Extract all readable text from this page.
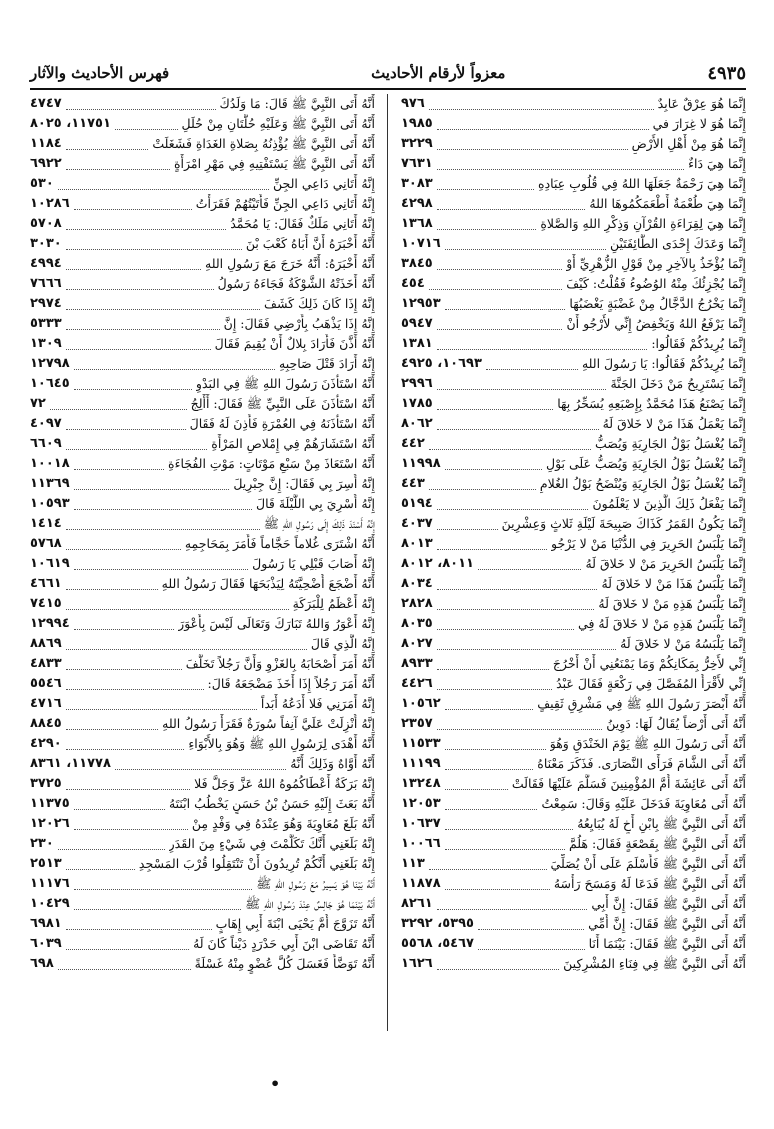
فهرس الأحاديث والآثار	معزواً لأرقام الأحاديث	٤٩٣٥
إِنَّمَا هُوَ عِرْقٌ عَابِدٌ
٩٧٦
إِنَّمَا هُوَ لا غِرَارَ في
١٩٨٥
إِنَّمَا هُوَ مِنْ أَهْلِ الأَرْضِ
٣٢٢٩
إِنَّمَا هِيَ دَاءٌ
٧٦٣١
إِنَّمَا هِيَ رَحْمَةٌ جَعَلَهَا اللهُ فِي قُلُوبِ عِبَادِهِ
٣٠٨٣
إِنَّمَا هِيَ طُعْمَةٌ أَطْعَمَكُمُوهَا اللهُ
٤٢٩٨
إِنَّمَا هِيَ لِقِرَاءَةِ القُرْآنِ وَذِكْرِ اللهِ وَالصَّلاةِ
١٣٦٨
إِنَّمَا وَعَدَكَ إِحْدَى الطَّائِفَتَيْنِ
١٠٧١٦
إِنَّمَا يُؤْخَذُ بِالآخِرِ مِنْ قَوْلِ الزُّهْرِيِّ أَوْ
٣٨٤٥
إِنَّمَا يُجْزِئُكَ مِنْهُ الوُضُوءُ فَقُلْتُ: كَيْفَ
٤٥٤
إِنَّمَا يَخْرُجُ الدَّجَّالُ مِنْ غَضْبَةٍ يَغْضَبُهَا
١٢٩٥٣
إِنَّمَا يَرْفَعُ اللهُ وَيَخْفِضُ إِنِّي لأَرْجُو أَنْ
٥٩٤٧
إِنَّمَا يُرِيدُكُمْ فَقَالُوا:
١٣٨١
إِنَّمَا يُرِيدُكُمْ فَقَالُوا: يَا رَسُولَ اللهِ
١٠٦٩٣، ٤٩٢٥
إِنَّمَا يَسْتَرِيحُ مَنْ دَخَلَ الجَنَّةَ
٢٩٩٦
إِنَّمَا يَصْنَعُ هَذَا مُحَمَّدٌ بِإِصْبَعِهِ يُسَحِّرُ بِهَا
١٧٨٥
إِنَّمَا يَعْمَلُ هَذَا مَنْ لا خَلاقَ لَهُ
٨٠٦٢
إِنَّمَا يُغْسَلُ بَوْلُ الجَارِيَةِ وَيُصَبُّ
٤٤٢
إِنَّمَا يُغْسَلُ بَوْلُ الجَارِيَةِ وَيُصَبُّ عَلَى بَوْلِ
١١٩٩٨
إِنَّمَا يُغْسَلُ بَوْلُ الجَارِيَةِ وَيُنْضَحُ بَوْلُ الغُلامِ
٤٤٣
إِنَّمَا يَفْعَلُ ذَلِكَ الَّذِينَ لا يَعْلَمُونَ
٥١٩٤
إِنَّمَا يَكُونُ القَمَرُ كَذَاكَ صَبِيحَةَ لَيْلَةِ ثَلاثٍ وَعِشْرِينَ
٤٠٣٧
إِنَّمَا يَلْبَسُ الحَرِيرَ فِي الدُّنْيَا مَنْ لا يَرْجُو
٨٠١٣
إِنَّمَا يَلْبَسُ الحَرِيرَ مَنْ لا خَلاقَ لَهُ
٨٠١١، ٨٠١٢
إِنَّمَا يَلْبَسُ هَذَا مَنْ لا خَلاقَ لَهُ
٨٠٣٤
إِنَّمَا يَلْبَسُ هَذِهِ مَنْ لا خَلاقَ لَهُ
٢٨٢٨
إِنَّمَا يَلْبَسُ هَذِهِ مَنْ لا خَلاقَ لَهُ فِي
٨٠٣٥
إِنَّمَا يَلْبَسُهُ مَنْ لا خَلاقَ لَهُ
٨٠٢٧
إِنِّي لأَخِرُّ بِمَكَانِكُمْ وَمَا يَمْنَعُنِي أَنْ أَخْرُجَ
٨٩٣٣
إِنِّي لأَقْرَأُ المُفَصَّلَ فِي رَكْعَةٍ فَقَالَ عَبْدُ
٤٤٢٦
أَنَّهُ أَبْصَرَ رَسُولَ اللهِ ﷺ فِي مَشْرِقِ ثَقِيفٍ
١٠٥٦٢
أَنَّهُ أَتَى أَرْضاً يُقَالُ لَهَا: دَوِينُ
٢٣٥٧
أَنَّهُ أَتَى رَسُولَ اللهِ ﷺ يَوْمَ الخَنْدَقِ وَهُوَ
١١٥٣٣
أَنَّهُ أَتَى الشَّامَ فَرَأَى النَّصَارَى. فَذَكَرَ مَعْنَاهُ
١١١٩٩
أَنَّهُ أَتَى عَائِشَةَ أُمَّ المُؤْمِنِينَ فَسَلَّمَ عَلَيْهَا فَقَالَتْ
١٣٢٤٨
أَنَّهُ أَتَى مُعَاوِيَةَ فَدَخَلَ عَلَيْهِ وَقَالَ: سَمِعْتُ
١٢٠٥٣
أَنَّهُ أَتَى النَّبِيَّ ﷺ بِابْنِ أَخٍ لَهُ يُبَايِعُهُ
١٠٦٣٧
أَنَّهُ أَتَى النَّبِيَّ ﷺ بِقَصْعَةٍ فَقَالَ: هَلُمَّ
١٠٠٦٦
أَنَّهُ أَتَى النَّبِيَّ ﷺ فَأَسْلَمَ عَلَى أَنْ يُصَلِّيَ
١١٣
أَنَّهُ أَتَى النَّبِيَّ ﷺ فَدَعَا لَهُ وَمَسَحَ رَأْسَهُ
١١٨٧٨
أَنَّهُ أَتَى النَّبِيَّ ﷺ فَقَالَ: إِنَّ أَبِي
٨٢٦١
أَنَّهُ أَتَى النَّبِيَّ ﷺ فَقَالَ: إِنَّ أُمِّي
٥٣٩٥، ٣٢٩٢
أَنَّهُ أَتَى النَّبِيَّ ﷺ فَقَالَ: بَيْنَمَا أَنَا
٥٤٦٧، ٥٥٦٨
أَنَّهُ أَتَى النَّبِيَّ ﷺ فِي فِنَاءِ المُشْرِكِينَ
١٦٢٦
أَنَّهُ أَتَى النَّبِيَّ ﷺ قَالَ: مَا وَلَدُكَ
٤٧٤٧
أَنَّهُ أَتَى النَّبِيَّ ﷺ وَعَلَيْهِ حُلَّتَانِ مِنْ حُلَلِ
١١٧٥١، ٨٠٢٥
أَنَّهُ أَتَى النَّبِيَّ ﷺ يُؤْذِنُهُ بِصَلاةِ الغَدَاةِ فَشَغَلَتْ
١١٨٤
أَنَّهُ أَتَى النَّبِيَّ ﷺ يَسْتَفْتِيهِ فِي مَهْرِ امْرَأَةٍ
٦٩٢٢
إِنَّهُ أَتَانِي دَاعِي الجِنِّ
٥٣٠
إِنَّهُ أَتَانِي دَاعِي الجِنِّ فَأَتَيْتُهُمْ فَقَرَأْتُ
١٠٢٨٦
إِنَّهُ أَتَانِي مَلَكٌ فَقَالَ: يَا مُحَمَّدُ
٥٧٠٨
أَنَّهُ أَخْبَرَهُ أَنَّ أَبَاهُ كَعْبَ بْنَ
٣٠٣٠
أَنَّهُ أَخْبَرَهُ: أَنَّهُ خَرَجَ مَعَ رَسُولِ اللهِ
٤٩٩٤
أَنَّهُ أَخَذَتْهُ الشَّوْكَةُ فَجَاءَهُ رَسُولُ
٧٦٦٦
إِنَّهُ إِذَا كَانَ ذَلِكَ كَشَفَ
٢٩٧٤
إِنَّهُ إِذَا يَذْهَبُ بِأَرْضِي فَقَالَ: إِنَّ
٥٣٣٣
أَنَّهُ أَذَّنَ فَأَرَادَ بِلالٌ أَنْ يُقِيمَ فَقَالَ
١٣٠٩
إِنَّهُ أَرَادَ قَتْلَ صَاحِبِهِ
١٢٧٩٨
أَنَّهُ اسْتَأْذَنَ رَسُولَ اللهِ ﷺ فِي البَدْوِ
١٠٦٤٥
أَنَّهُ اسْتَأْذَنَ عَلَى النَّبِيِّ ﷺ فَقَالَ: أَأَلِجُ
٧٢
أَنَّهُ اسْتَأْذَنَهُ فِي العُمْرَةِ فَأَذِنَ لَهُ فَقَالَ
٤٠٩٧
أَنَّهُ اسْتَشَارَهُمْ فِي إِمْلاصِ المَرْأَةِ
٦٦٠٩
أَنَّهُ اسْتَعَاذَ مِنْ سَبْعِ مَوْتَاتٍ: مَوْتِ الفُجَاءَةِ
١٠٠١٨
إِنَّهُ أُسِرَ بِي فَقَالَ: إِنَّ جِبْرِيلَ
١١٣٦٩
إِنَّهُ أُسْرِيَ بِي اللَّيْلَةَ قَالَ
١٠٥٩٣
إِنَّهُ أَسْنَدَ ذَلِكَ إِلَى رَسُولِ اللهِ ﷺ
١٤١٤
أَنَّهُ اشْتَرَى غُلاماً حَجَّاماً فَأَمَرَ بِمَحَاجِمِهِ
٥٧٦٨
إِنَّهُ أَصَابَ قَبْلِي يَا رَسُولَ
١٠٦١٩
أَنَّهُ أَضْجَعَ أُضْحِيَّتَهُ لِيَذْبَحَهَا فَقَالَ رَسُولُ اللهِ
٤٦٦١
إِنَّهُ أَعْظَمُ لِلْبَرَكَةِ
٧٤١٥
إِنَّهُ أَعْوَرُ وَاللهُ تَبَارَكَ وَتَعَالَى لَيْسَ بِأَعْوَرَ
١٢٩٩٤
إِنَّهُ الَّذِي قَالَ
٨٨٦٩
أَنَّهُ أَمَرَ أَصْحَابَهُ بِالغَزْوِ وَأَنَّ رَجُلاً تَخَلَّفَ
٤٨٣٣
أَنَّهُ أَمَرَ رَجُلاً إِذَا أَخَذَ مَضْجَعَهُ قَالَ:
٥٥٤٦
إِنَّهُ أَمَرَنِي فَلا أَدَعُهُ أَبَداً
٤٧١٦
إِنَّهُ أُنْزِلَتْ عَلَيَّ آنِفاً سُورَةٌ فَقَرَأَ رَسُولُ اللهِ
٨٨٤٥
أَنَّهُ أَهْدَى لِرَسُولِ اللهِ ﷺ وَهُوَ بِالأَبْوَاءِ
٤٢٩٠
أَنَّهُ أَوَّاهٌ وَذَلِكَ أَنَّهُ
١١٧٧٨، ٨٣٦١
إِنَّهُ بَرَكَةٌ أَعْطَاكُمُوهُ اللهُ عَزَّ وَجَلَّ فَلا
٣٧٢٥
أَنَّهُ بَعَثَ إِلَيْهِ حَسَنُ بْنُ حَسَنٍ يَخْطُبُ ابْنَتَهُ
١١٣٧٥
أَنَّهُ بَلَغَ مُعَاوِيَةَ وَهُوَ عِنْدَهُ فِي وَفْدٍ مِنْ
١٢٠٢٦
إِنَّهُ بَلَغَنِي أَنَّكَ تَكَلَّمْتَ فِي شَيْءٍ مِنَ القَدَرِ
٢٣٠
إِنَّهُ بَلَغَنِي أَنَّكُمْ تُرِيدُونَ أَنْ تَنْتَقِلُوا قُرْبَ المَسْجِدِ
٢٥١٣
أَنَّهُ بَيْنَا هُوَ يَسِيرُ مَعَ رَسُولِ اللهِ ﷺ
١١١٧٦
أَنَّهُ بَيْنَمَا هُوَ جَالِسٌ عِنْدَ رَسُولِ اللهِ ﷺ
١٠٤٢٩
أَنَّهُ تَزَوَّجَ أُمَّ يَحْيَى ابْنَةَ أَبِي إِهَابٍ
٦٩٨١
أَنَّهُ تَقَاضَى ابْنَ أَبِي حَدْرَدٍ دَيْناً كَانَ لَهُ
٦٠٣٩
أَنَّهُ تَوَضَّأَ فَغَسَلَ كُلَّ عُضْوٍ مِنْهُ غَسْلَةً
٦٩٨
•
